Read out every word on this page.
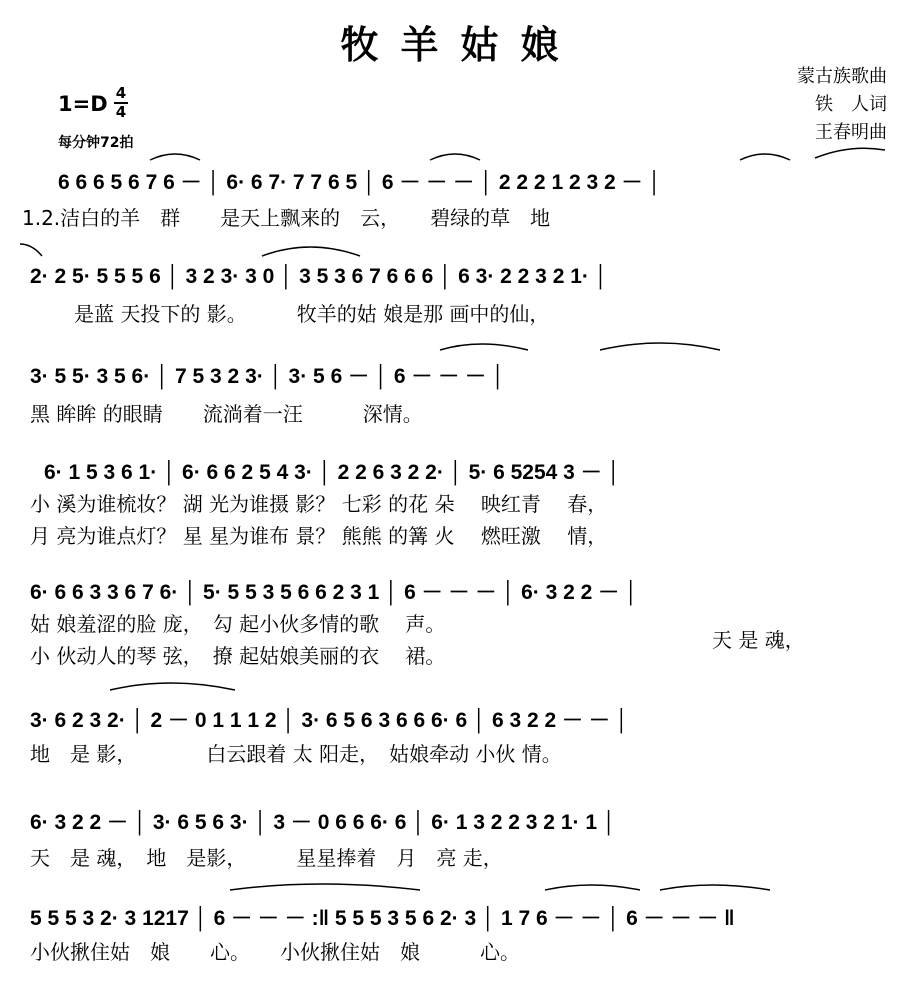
牧羊姑娘
蒙古族歌曲
铁　人词
王春明曲
1=D 4
4
每分钟72拍
6 6 6 5 6 7 6 － │ 6· 6 7· 7 7 6 5 │ 6 － － － │ 2 2 2 1 2 3 2 － │
1.2.洁白的羊　群　　是天上飘来的　云，　　碧绿的草　地
2· 2 5· 5 5 5 6 │ 3 2 3· 3 0 │ 3 5 3 6 7 6 6 6 │ 6 3· 2 2 3 2 1· │
是蓝 天投下的 影。　　　牧羊的姑 娘是那 画中的仙，
3· 5 5· 3 5 6· │ 7 5 3 2 3· │ 3· 5 6 － │ 6 － － － │
黑 眸眸 的眼睛　　流淌着一汪　　　深情。
6· 1 5 3 6 1· │ 6· 6 6 2 5 4 3· │ 2 2 6 3 2 2· │ 5· 6 5254 3 － │
小 溪为谁梳妆？ 湖 光为谁摄 影？ 七彩 的花 朵　 映红青　 春，
月 亮为谁点灯？ 星 星为谁布 景？ 熊熊 的篝 火　 燃旺激　 情，
6· 6 6 3 3 6 7 6· │ 5· 5 5 3 5 6 6 2 3 1 │ 6 － － － │ 6· 3 2 2 － │
姑 娘羞涩的脸 庞，　勾 起小伙多情的歌　 声。
小 伙动人的琴 弦，　撩 起姑娘美丽的衣　 裙。
天 是 魂，
3· 6 2 3 2· │ 2 － 0 1 1 1 2 │ 3· 6 5 6 3 6 6 6· 6 │ 6 3 2 2 － － │
地　是 影，　　　　白云跟着 太 阳走，　姑娘牵动 小伙 情。
6· 3 2 2 － │ 3· 6 5 6 3· │ 3 － 0 6 6 6· 6 │ 6· 1 3 2 2 3 2 1· 1 │
天　是 魂，　地　是影，　　　星星捧着　月　亮 走，
5 5 5 3 2· 3 1217 │ 6 － － － :‖ 5 5 5 3 5 6 2· 3 │ 1 7 6 － － │ 6 － － － ‖
小伙揪住姑　娘　　心。　　小伙揪住姑　娘　　　心。
